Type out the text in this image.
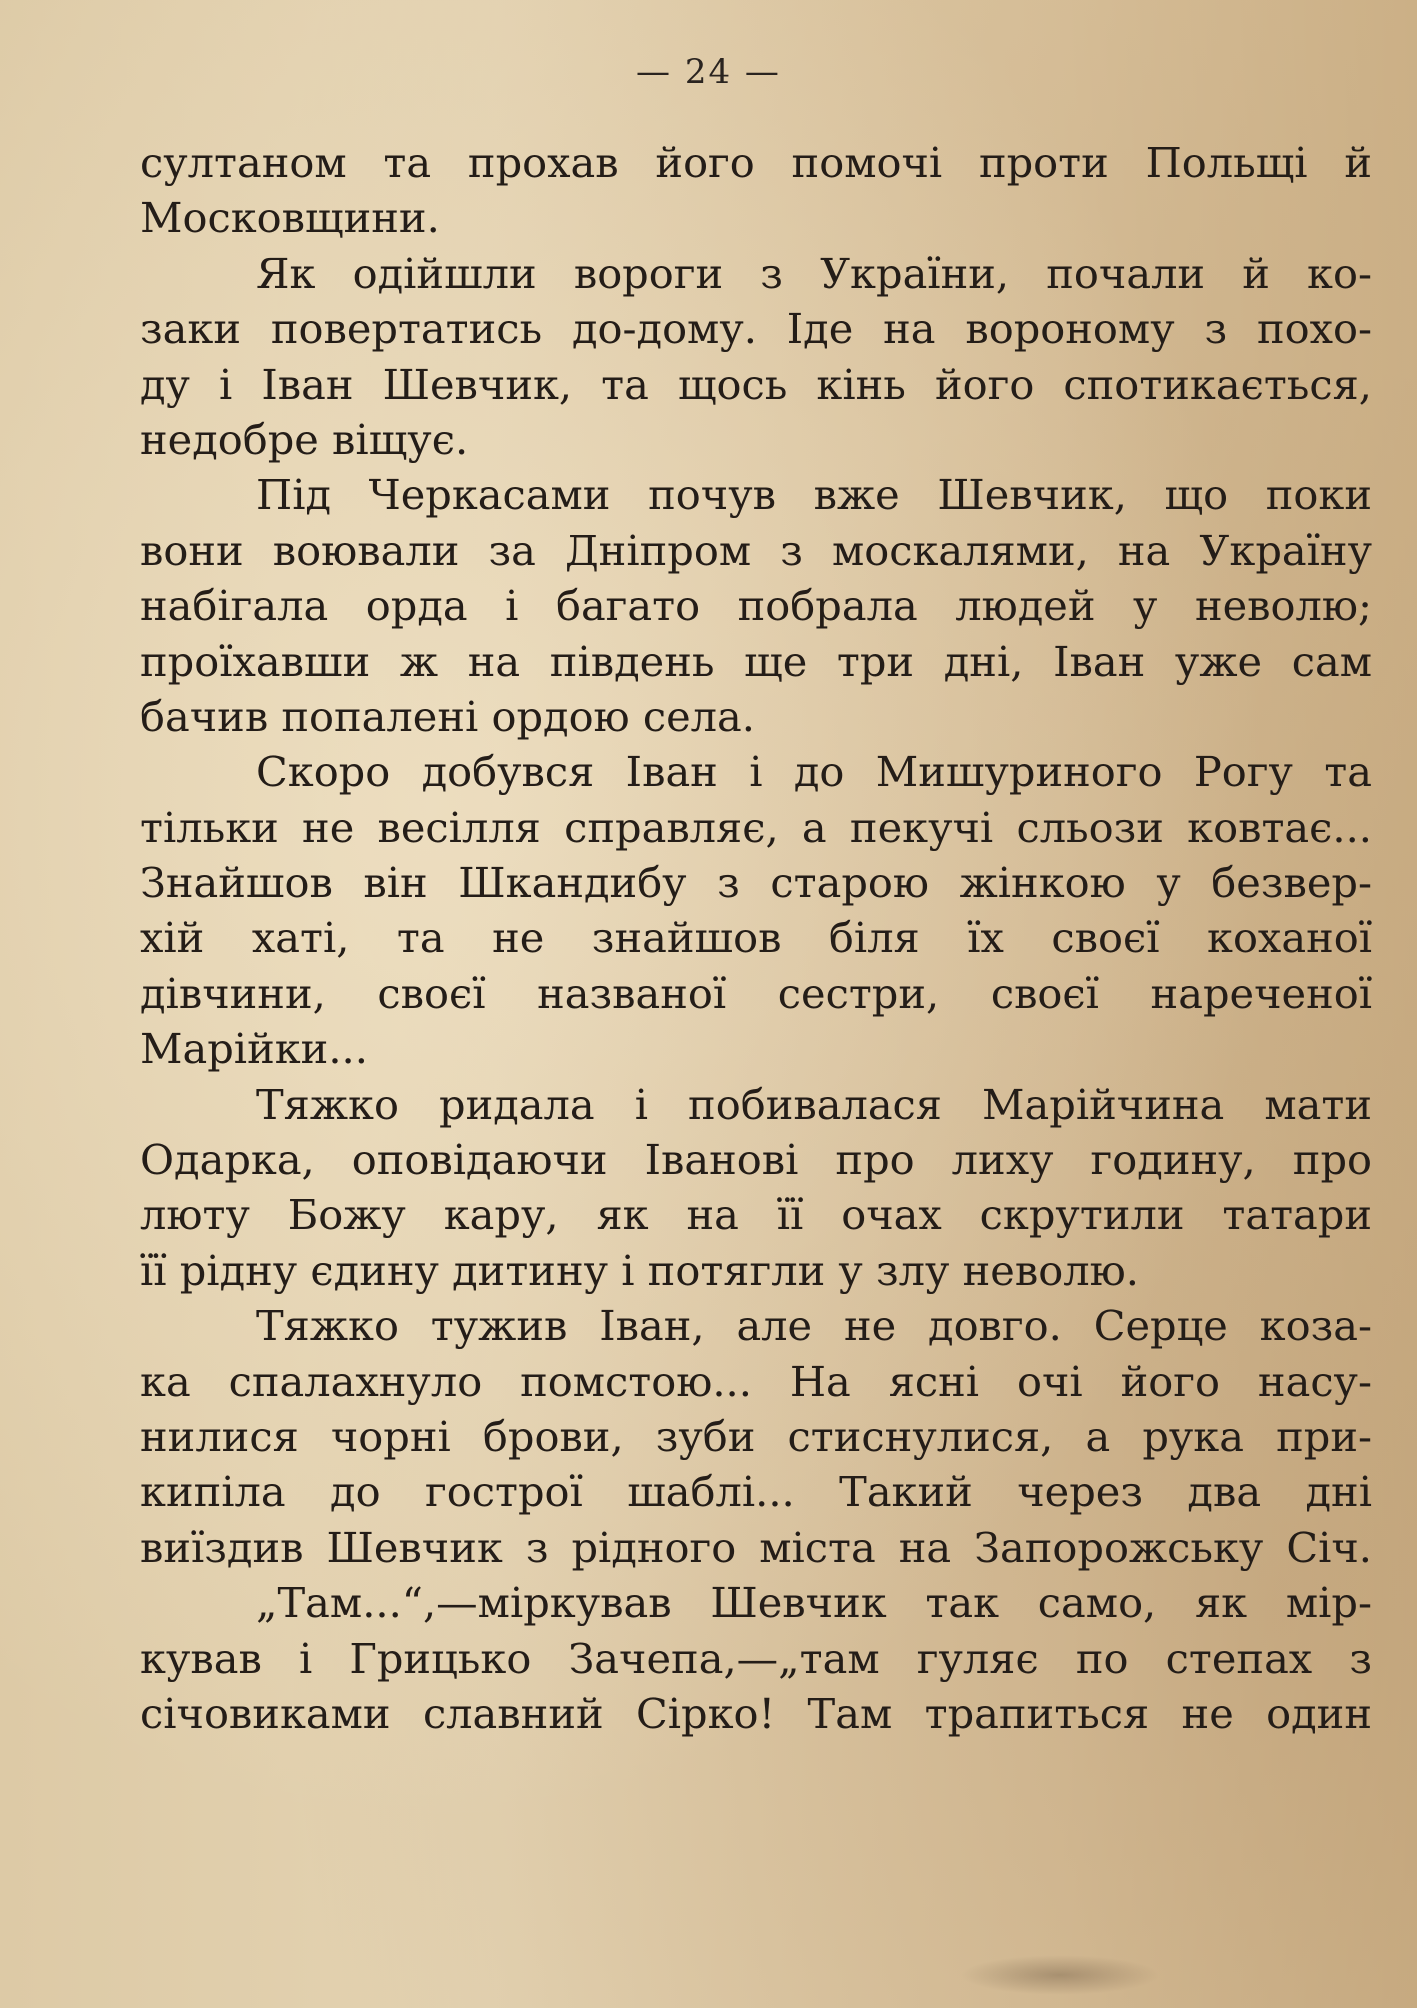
— 24 —
султаном та прохав його помочі проти Польщі й
Московщини.
Як одійшли вороги з України, почали й ко-
заки повертатись до-дому. Іде на вороному з похо-
ду і Іван Шевчик, та щось кінь його спотикається,
недобре віщує.
Під Черкасами почув вже Шевчик, що поки
вони воювали за Дніпром з москалями, на Україну
набігала орда і багато побрала людей у неволю;
проїхавши ж на південь ще три дні, Іван уже сам
бачив попалені ордою села.
Скоро добувся Іван і до Мишуриного Рогу та
тільки не весілля справляє, а пекучі сльози ковтає...
Знайшов він Шкандибу з старою жінкою у безвер-
хій хаті, та не знайшов біля їх своєї коханої
дівчини, своєї названої сестри, своєї нареченої
Марійки...
Тяжко ридала і побивалася Марійчина мати
Одарка, оповідаючи Іванові про лиху годину, про
люту Божу кару, як на її очах скрутили татари
її рідну єдину дитину і потягли у злу неволю.
Тяжко тужив Іван, але не довго. Серце коза-
ка спалахнуло помстою... На ясні очі його насу-
нилися чорні брови, зуби стиснулися, а рука при-
кипіла до гострої шаблі... Такий через два дні
виїздив Шевчик з рідного міста на Запорожську Січ.
„Там...“,—міркував Шевчик так само, як мір-
кував і Грицько Зачепа,—„там гуляє по степах з
січовиками славний Сірко! Там трапиться не один
